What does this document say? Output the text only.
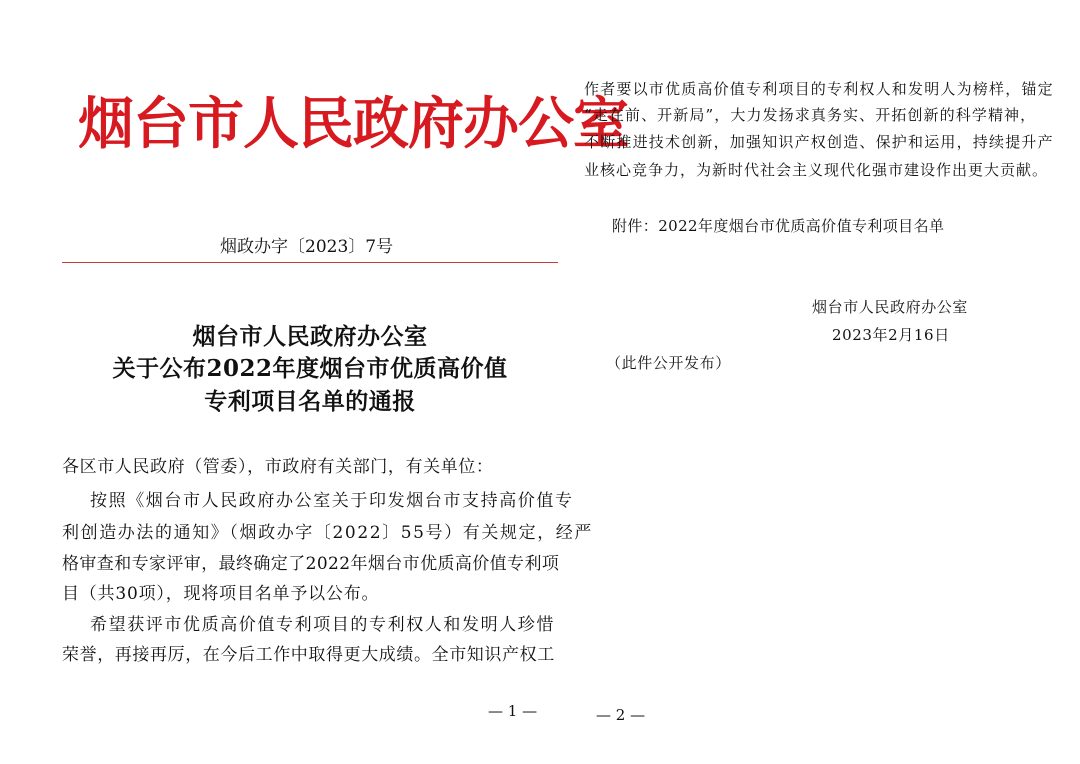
烟台市人民政府办公室
烟政办字〔2023〕7号
烟台市人民政府办公室
关于公布2022年度烟台市优质高价值
专利项目名单的通报
各区市人民政府（管委），市政府有关部门，有关单位：
按照《烟台市人民政府办公室关于印发烟台市支持高价值专
利创造办法的通知》（烟政办字〔2022〕55号）有关规定，经严
格审查和专家评审，最终确定了2022年烟台市优质高价值专利项
目（共30项），现将项目名单予以公布。
希望获评市优质高价值专利项目的专利权人和发明人珍惜
荣誉，再接再厉，在今后工作中取得更大成绩。全市知识产权工
— 1 —
作者要以市优质高价值专利项目的专利权人和发明人为榜样，锚定
“走在前、开新局”，大力发扬求真务实、开拓创新的科学精神，
不断推进技术创新，加强知识产权创造、保护和运用，持续提升产
业核心竞争力，为新时代社会主义现代化强市建设作出更大贡献。
附件：2022年度烟台市优质高价值专利项目名单
烟台市人民政府办公室
2023年2月16日
（此件公开发布）
— 2 —
